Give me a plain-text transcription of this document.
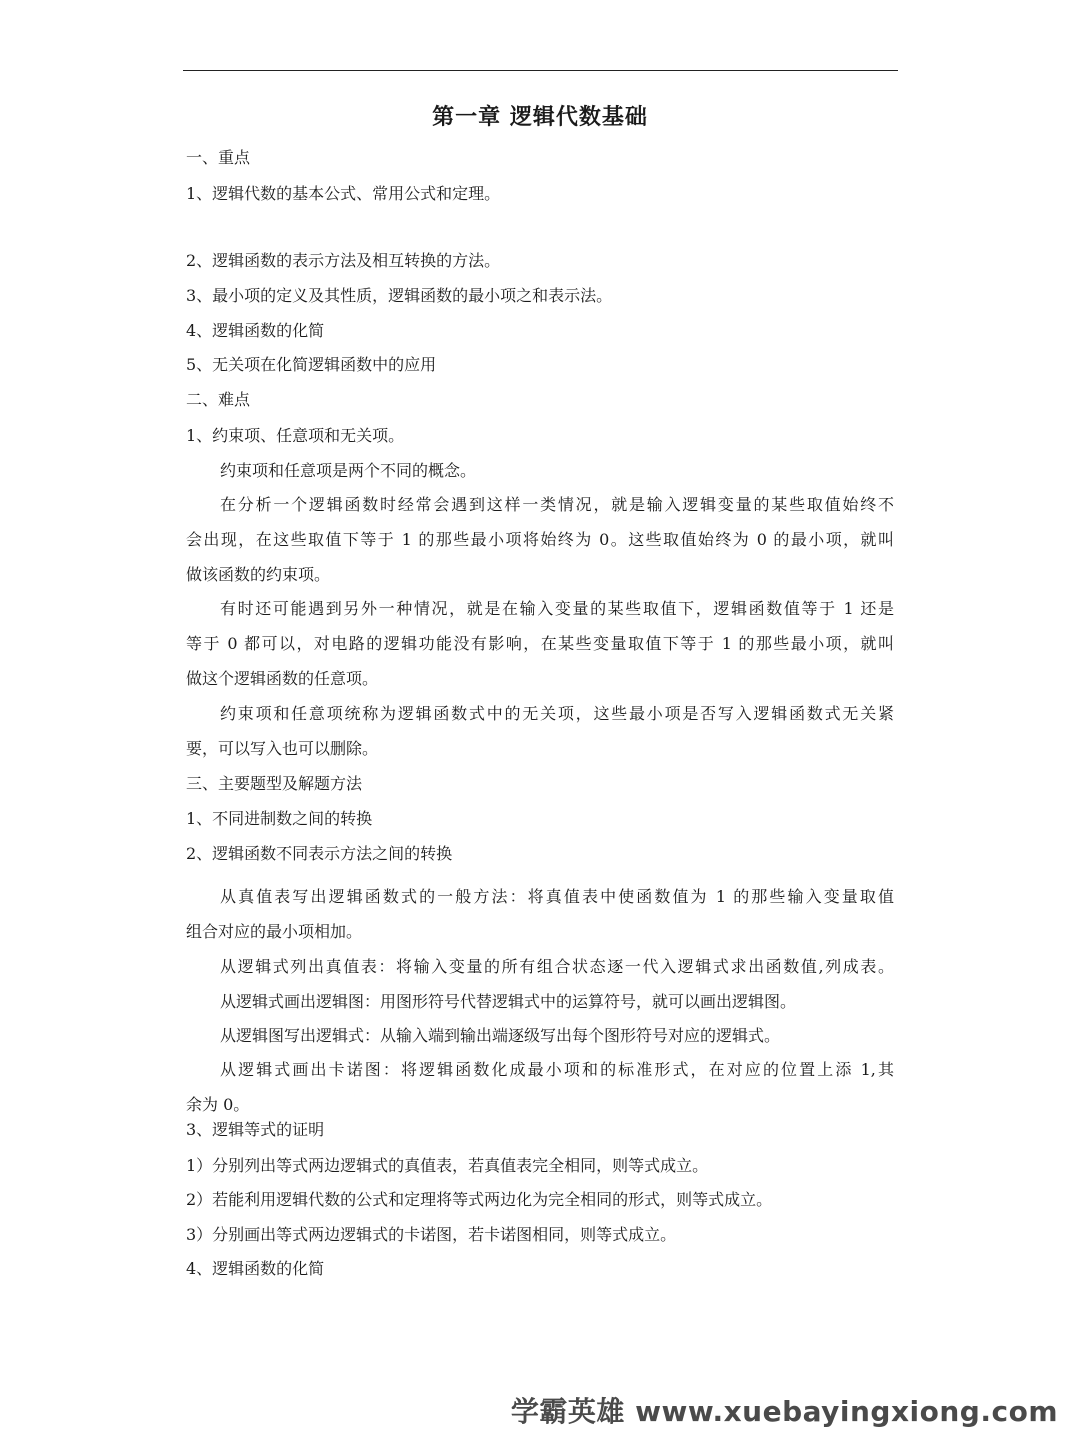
第一章 逻辑代数基础
一、重点
1、逻辑代数的基本公式、常用公式和定理。
2、逻辑函数的表示方法及相互转换的方法。
3、最小项的定义及其性质，逻辑函数的最小项之和表示法。
4、逻辑函数的化简
5、无关项在化简逻辑函数中的应用
二、难点
1、约束项、任意项和无关项。
约束项和任意项是两个不同的概念。
在分析一个逻辑函数时经常会遇到这样一类情况，就是输入逻辑变量的某些取值始终不
会出现，在这些取值下等于 1 的那些最小项将始终为 0。这些取值始终为 0 的最小项，就叫
做该函数的约束项。
有时还可能遇到另外一种情况，就是在输入变量的某些取值下，逻辑函数值等于 1 还是
等于 0 都可以，对电路的逻辑功能没有影响，在某些变量取值下等于 1 的那些最小项，就叫
做这个逻辑函数的任意项。
约束项和任意项统称为逻辑函数式中的无关项，这些最小项是否写入逻辑函数式无关紧
要，可以写入也可以删除。
三、主要题型及解题方法
1、不同进制数之间的转换
2、逻辑函数不同表示方法之间的转换
从真值表写出逻辑函数式的一般方法：将真值表中使函数值为 1 的那些输入变量取值
组合对应的最小项相加。
从逻辑式列出真值表：将输入变量的所有组合状态逐一代入逻辑式求出函数值,列成表。
从逻辑式画出逻辑图：用图形符号代替逻辑式中的运算符号，就可以画出逻辑图。
从逻辑图写出逻辑式：从输入端到输出端逐级写出每个图形符号对应的逻辑式。
从逻辑式画出卡诺图：将逻辑函数化成最小项和的标准形式，在对应的位置上添 1,其
余为 0。
3、逻辑等式的证明
1）分别列出等式两边逻辑式的真值表，若真值表完全相同，则等式成立。
2）若能利用逻辑代数的公式和定理将等式两边化为完全相同的形式，则等式成立。
3）分别画出等式两边逻辑式的卡诺图，若卡诺图相同，则等式成立。
4、逻辑函数的化简
学霸英雄 www.xuebayingxiong.com
